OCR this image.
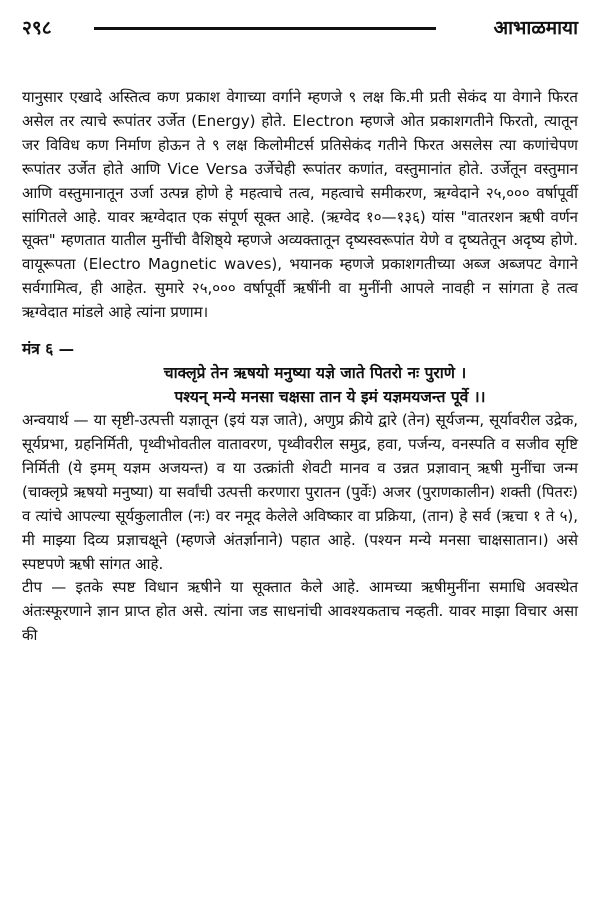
२९८	आभाळमाया

यानुसार एखादे अस्तित्व कण प्रकाश वेगाच्या वर्गाने म्हणजे ९ लक्ष कि.मी प्रती सेकंद या वेगाने फिरत असेल तर त्याचे रूपांतर उर्जेत (Energy) होते. Electron म्हणजे ओत प्रकाशगतीने फिरतो, त्यातून जर विविध कण निर्माण होऊन ते ९ लक्ष किलोमीटर्स प्रतिसेकंद गतीने फिरत असलेस त्या कणांचेपण रूपांतर उर्जेत होते आणि Vice Versa उर्जेचेही रूपांतर कणांत, वस्तुमानांत होते. उर्जेतून वस्तुमान आणि वस्तुमानातून उर्जा उत्पन्न होणे हे महत्वाचे तत्व, महत्वाचे समीकरण, ऋग्वेदाने २५,००० वर्षापूर्वी सांगितले आहे. यावर ऋग्वेदात एक संपूर्ण सूक्त आहे. (ऋग्वेद १०—१३६) यांस "वातरशन ऋषी वर्णन सूक्त" म्हणतात यातील मुनींची वैशिष्ठ्ये म्हणजे अव्यक्तातून दृष्यस्वरूपांत येणे व दृष्यतेतून अदृष्य होणे. वायूरूपता (Electro Magnetic waves), भयानक म्हणजे प्रकाशगतीच्या अब्ज अब्जपट वेगाने सर्वगामित्व, ही आहेत. सुमारे २५,००० वर्षापूर्वी ऋषींनी वा मुनींनी आपले नावही न सांगता हे तत्व ऋग्वेदात मांडले आहे त्यांना प्रणाम।

मंत्र ६ —

चाक्लृप्रे तेन ऋषयो मनुष्या यज्ञे जाते पितरो नः पुराणे ।

पश्यन् मन्ये मनसा चक्षसा तान ये इमं यज्ञमयजन्त पूर्वे ।।

अन्वयार्थ — या सृष्टी-उत्पत्ती यज्ञातून (इयं यज्ञ जाते), अणुप्र क्रीये द्वारे (तेन) सूर्यजन्म, सूर्यावरील उद्रेक, सूर्यप्रभा, ग्रहनिर्मिती, पृथ्वीभोवतील वातावरण, पृथ्वीवरील समुद्र, हवा, पर्जन्य, वनस्पति व सजीव सृष्टि निर्मिती (ये इमम् यज्ञम अजयन्त) व या उत्क्रांती शेवटी मानव व उन्नत प्रज्ञावान् ऋषी मुनींचा जन्म (चाक्लृप्रे ऋषयो मनुष्या) या सर्वांची उत्पत्ती करणारा पुरातन (पुर्वेः) अजर (पुराणकालीन) शक्ती (पितरः) व त्यांचे आपल्या सूर्यकुलातील (नः) वर नमूद केलेले अविष्कार वा प्रक्रिया, (तान) हे सर्व (ऋचा १ ते ५), मी माझ्या दिव्य प्रज्ञाचक्षूने (म्हणजे अंतर्ज्ञानाने) पहात आहे. (पश्यन मन्ये मनसा चाक्षसातान।) असे स्पष्टपणे ऋषी सांगत आहे.

टीप — इतके स्पष्ट विधान ऋषीने या सूक्तात केले आहे. आमच्या ऋषीमुनींना समाधि अवस्थेत अंतःस्फूरणाने ज्ञान प्राप्त होत असे. त्यांना जड साधनांची आवश्यकताच नव्हती. यावर माझा विचार असा की
